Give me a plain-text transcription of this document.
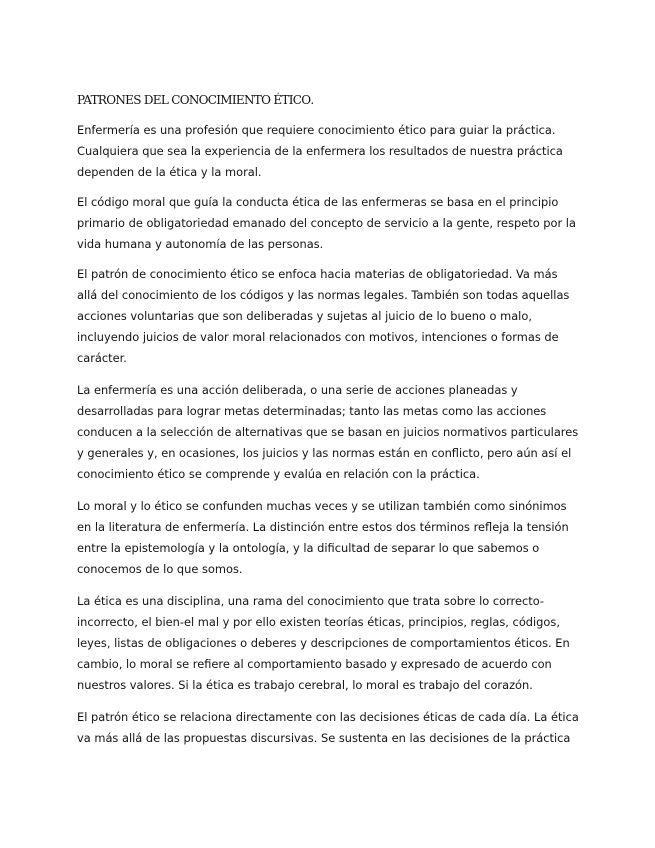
PATRONES DEL CONOCIMIENTO ÉTICO.

Enfermería es una profesión que requiere conocimiento ético para guiar la práctica.
Cualquiera que sea la experiencia de la enfermera los resultados de nuestra práctica
dependen de la ética y la moral.

El código moral que guía la conducta ética de las enfermeras se basa en el principio
primario de obligatoriedad emanado del concepto de servicio a la gente, respeto por la
vida humana y autonomía de las personas.

El patrón de conocimiento ético se enfoca hacia materias de obligatoriedad. Va más
allá del conocimiento de los códigos y las normas legales. También son todas aquellas
acciones voluntarias que son deliberadas y sujetas al juicio de lo bueno o malo,
incluyendo juicios de valor moral relacionados con motivos, intenciones o formas de
carácter.

La enfermería es una acción deliberada, o una serie de acciones planeadas y
desarrolladas para lograr metas determinadas; tanto las metas como las acciones
conducen a la selección de alternativas que se basan en juicios normativos particulares
y generales y, en ocasiones, los juicios y las normas están en conflicto, pero aún así el
conocimiento ético se comprende y evalúa en relación con la práctica.

Lo moral y lo ético se confunden muchas veces y se utilizan también como sinónimos
en la literatura de enfermería. La distinción entre estos dos términos refleja la tensión
entre la epistemología y la ontología, y la dificultad de separar lo que sabemos o
conocemos de lo que somos.

La ética es una disciplina, una rama del conocimiento que trata sobre lo correcto-
incorrecto, el bien-el mal y por ello existen teorías éticas, principios, reglas, códigos,
leyes, listas de obligaciones o deberes y descripciones de comportamientos éticos. En
cambio, lo moral se refiere al comportamiento basado y expresado de acuerdo con
nuestros valores. Si la ética es trabajo cerebral, lo moral es trabajo del corazón.

El patrón ético se relaciona directamente con las decisiones éticas de cada día. La ética
va más allá de las propuestas discursivas. Se sustenta en las decisiones de la práctica
